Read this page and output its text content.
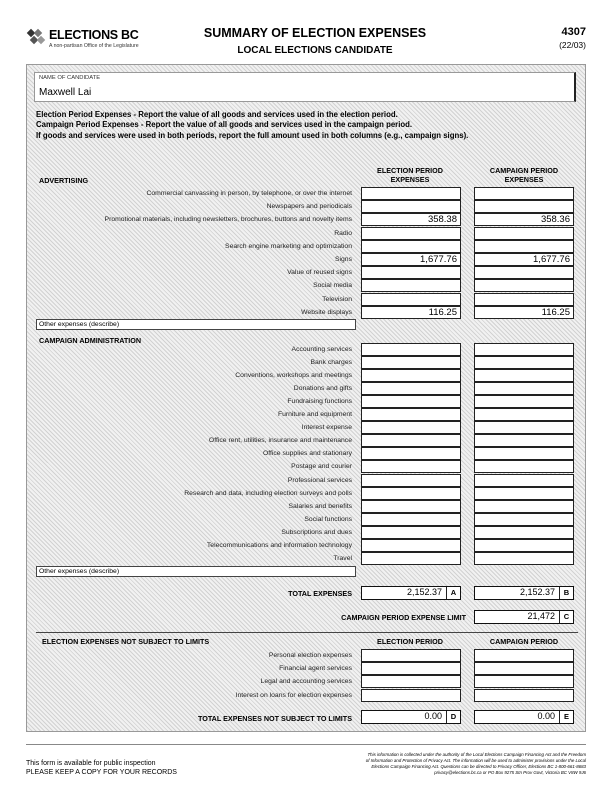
ELECTIONS BC
A non-partisan Office of the Legislature
SUMMARY OF ELECTION EXPENSES
LOCAL ELECTIONS CANDIDATE
4307
(22/03)
NAME OF CANDIDATE
Maxwell Lai
Election Period Expenses - Report the value of all goods and services used in the election period.
Campaign Period Expenses - Report the value of all goods and services used in the campaign period.
If goods and services were used in both periods, report the full amount used in both columns (e.g., campaign signs).
ELECTION PERIOD EXPENSES
CAMPAIGN PERIOD EXPENSES
ADVERTISING
Commercial canvassing in person, by telephone, or over the internet
Newspapers and periodicals
Promotional materials, including newsletters, brochures, buttons and novelty items	358.38	358.36
Radio
Search engine marketing and optimization
Signs	1,677.76	1,677.76
Value of reused signs
Social media
Television
Website displays	116.25	116.25
Other expenses (describe)
CAMPAIGN ADMINISTRATION
Accounting services
Bank charges
Conventions, workshops and meetings
Donations and gifts
Fundraising functions
Furniture and equipment
Interest expense
Office rent, utilities, insurance and maintenance
Office supplies and stationary
Postage and courier
Professional services
Research and data, including election surveys and polls
Salaries and benefits
Social functions
Subscriptions and dues
Telecommunications and information technology
Travel
Other expenses (describe)
TOTAL EXPENSES	2,152.37	A	2,152.37	B
CAMPAIGN PERIOD EXPENSE LIMIT	21,472	C
ELECTION EXPENSES NOT SUBJECT TO LIMITS	ELECTION PERIOD	CAMPAIGN PERIOD
Personal election expenses
Financial agent services
Legal and accounting services
Interest on loans for election expenses
TOTAL EXPENSES NOT SUBJECT TO LIMITS	0.00	D	0.00	E
This form is available for public inspection
PLEASE KEEP A COPY FOR YOUR RECORDS
This information is collected under the authority of the Local Elections Campaign Financing Act and the Freedom
of Information and Protection of Privacy Act. The information will be used to administer provisions under the Local
Elections Campaign Financing Act. Questions can be directed to Privacy Officer, Elections BC 1-800-661-8683
privacy@elections.bc.ca or PO Box 9275 Stn Prov Govt, Victoria BC V8W 9J6
